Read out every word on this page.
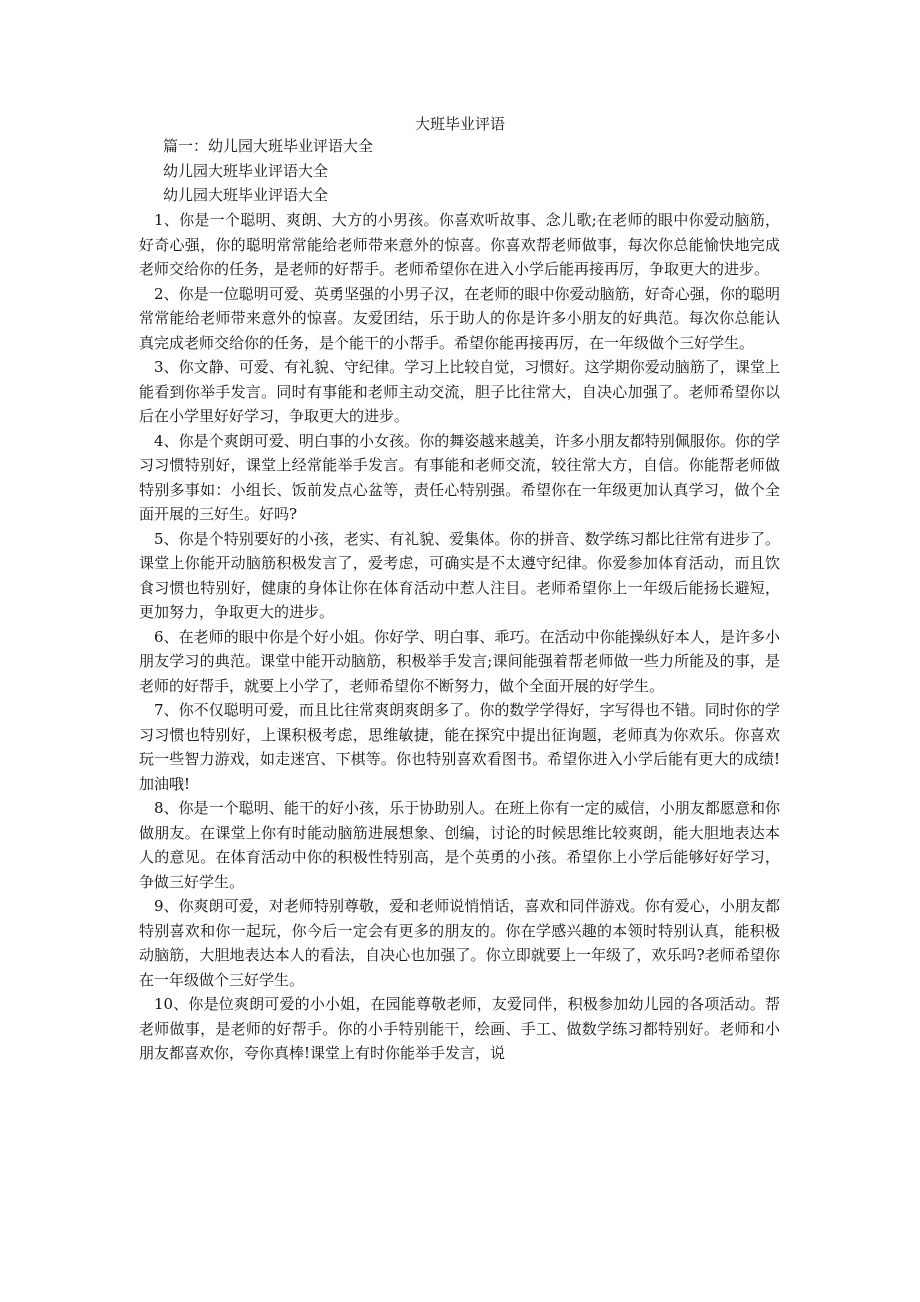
大班毕业评语
篇一：幼儿园大班毕业评语大全
幼儿园大班毕业评语大全
幼儿园大班毕业评语大全

1、你是一个聪明、爽朗、大方的小男孩。你喜欢听故事、念儿歌;在老师的眼中你爱动脑筋，好奇心强，你的聪明常常能给老师带来意外的惊喜。你喜欢帮老师做事，每次你总能愉快地完成老师交给你的任务，是老师的好帮手。老师希望你在进入小学后能再接再厉，争取更大的进步。

2、你是一位聪明可爱、英勇坚强的小男子汉，在老师的眼中你爱动脑筋，好奇心强，你的聪明常常能给老师带来意外的惊喜。友爱团结，乐于助人的你是许多小朋友的好典范。每次你总能认真完成老师交给你的任务，是个能干的小帮手。希望你能再接再厉，在一年级做个三好学生。

3、你文静、可爱、有礼貌、守纪律。学习上比较自觉，习惯好。这学期你爱动脑筋了，课堂上能看到你举手发言。同时有事能和老师主动交流，胆子比往常大，自决心加强了。老师希望你以后在小学里好好学习，争取更大的进步。

4、你是个爽朗可爱、明白事的小女孩。你的舞姿越来越美，许多小朋友都特别佩服你。你的学习习惯特别好，课堂上经常能举手发言。有事能和老师交流，较往常大方，自信。你能帮老师做特别多事如：小组长、饭前发点心盆等，责任心特别强。希望你在一年级更加认真学习，做个全面开展的三好生。好吗?

5、你是个特别要好的小孩，老实、有礼貌、爱集体。你的拼音、数学练习都比往常有进步了。课堂上你能开动脑筋积极发言了，爱考虑，可确实是不太遵守纪律。你爱参加体育活动，而且饮食习惯也特别好，健康的身体让你在体育活动中惹人注目。老师希望你上一年级后能扬长避短，更加努力，争取更大的进步。

6、在老师的眼中你是个好小姐。你好学、明白事、乖巧。在活动中你能操纵好本人，是许多小朋友学习的典范。课堂中能开动脑筋，积极举手发言;课间能强着帮老师做一些力所能及的事，是老师的好帮手，就要上小学了，老师希望你不断努力，做个全面开展的好学生。

7、你不仅聪明可爱，而且比往常爽朗爽朗多了。你的数学学得好，字写得也不错。同时你的学习习惯也特别好，上课积极考虑，思维敏捷，能在探究中提出征询题，老师真为你欢乐。你喜欢玩一些智力游戏，如走迷宫、下棋等。你也特别喜欢看图书。希望你进入小学后能有更大的成绩!加油哦!

8、你是一个聪明、能干的好小孩，乐于协助别人。在班上你有一定的威信，小朋友都愿意和你做朋友。在课堂上你有时能动脑筋进展想象、创编，讨论的时候思维比较爽朗，能大胆地表达本人的意见。在体育活动中你的积极性特别高，是个英勇的小孩。希望你上小学后能够好好学习，争做三好学生。

9、你爽朗可爱，对老师特别尊敬，爱和老师说悄悄话，喜欢和同伴游戏。你有爱心，小朋友都特别喜欢和你一起玩，你今后一定会有更多的朋友的。你在学感兴趣的本领时特别认真，能积极动脑筋，大胆地表达本人的看法，自决心也加强了。你立即就要上一年级了，欢乐吗?老师希望你在一年级做个三好学生。

10、你是位爽朗可爱的小小姐，在园能尊敬老师，友爱同伴，积极参加幼儿园的各项活动。帮老师做事，是老师的好帮手。你的小手特别能干，绘画、手工、做数学练习都特别好。老师和小朋友都喜欢你，夸你真棒!课堂上有时你能举手发言，说
